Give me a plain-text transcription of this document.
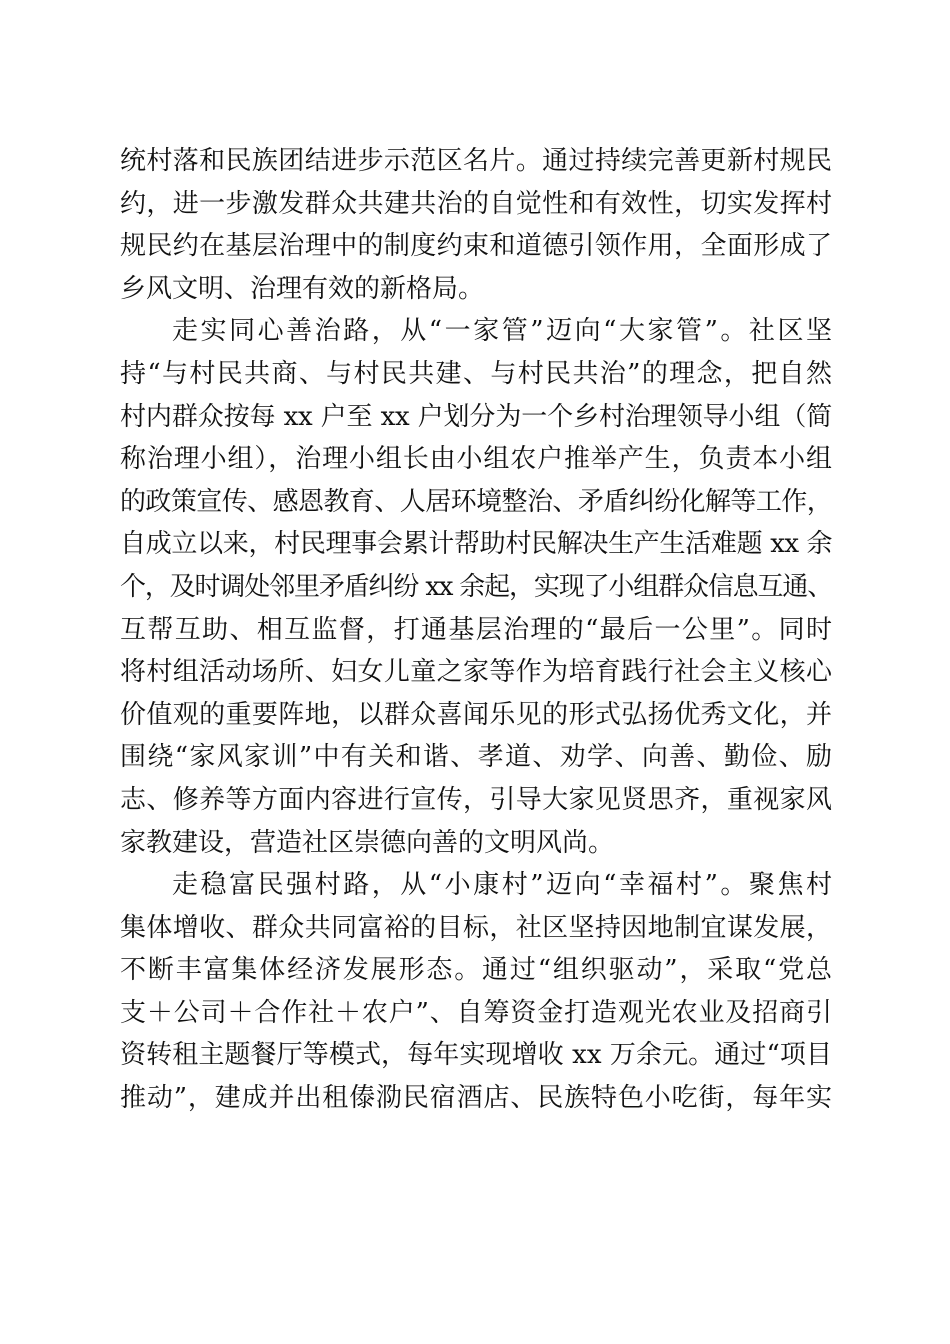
统村落和民族团结进步示范区名片。通过持续完善更新村规民
约，进一步激发群众共建共治的自觉性和有效性，切实发挥村
规民约在基层治理中的制度约束和道德引领作用，全面形成了
乡风文明、治理有效的新格局。
走实同心善治路，从“一家管”迈向“大家管”。社区坚
持“与村民共商、与村民共建、与村民共治”的理念，把自然
村内群众按每 xx 户至 xx 户划分为一个乡村治理领导小组（简
称治理小组），治理小组长由小组农户推举产生，负责本小组
的政策宣传、感恩教育、人居环境整治、矛盾纠纷化解等工作，
自成立以来，村民理事会累计帮助村民解决生产生活难题 xx 余
个，及时调处邻里矛盾纠纷 xx 余起，实现了小组群众信息互通、
互帮互助、相互监督，打通基层治理的“最后一公里”。同时
将村组活动场所、妇女儿童之家等作为培育践行社会主义核心
价值观的重要阵地，以群众喜闻乐见的形式弘扬优秀文化，并
围绕“家风家训”中有关和谐、孝道、劝学、向善、勤俭、励
志、修养等方面内容进行宣传，引导大家见贤思齐，重视家风
家教建设，营造社区崇德向善的文明风尚。
走稳富民强村路，从“小康村”迈向“幸福村”。聚焦村
集体增收、群众共同富裕的目标，社区坚持因地制宜谋发展，
不断丰富集体经济发展形态。通过“组织驱动”，采取“党总
支＋公司＋合作社＋农户”、自筹资金打造观光农业及招商引
资转租主题餐厅等模式，每年实现增收 xx 万余元。通过“项目
推动”，建成并出租傣泐民宿酒店、民族特色小吃街，每年实
